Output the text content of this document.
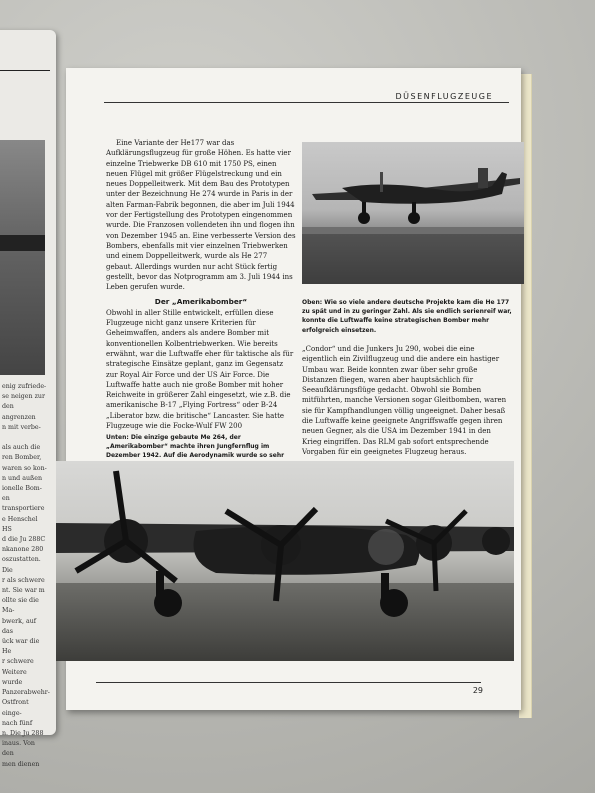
enig zufriede-
se neigen zur
den angrenzen
n mit verbe-

als auch die
ren Bomber,
waren so kon-
n und außen
ionelle Bom-
en transportiere
e Henschel HS
d die Ju 288C
nkanone 280
oszustatten. Die
r als schwere
nt. Sie war m
ollte sie die Ma-
bwerk, auf das
ück war die He
r schwere
Weitere wurde
Panzerabwehr-
Ostfront einge-
nach fünf
n. Die Ju 288
inaus. Von den
men dienen
DÜSENFLUGZEUGE

Eine Variante der He177 war das Aufklärungsflugzeug für große Höhen. Es hatte vier einzelne Triebwerke DB 610 mit 1750 PS, einen neuen Flügel mit größer Flügelstreckung und ein neues Doppelleitwerk. Mit dem Bau des Prototypen unter der Bezeichnung He 274 wurde in Paris in der alten Farman-Fabrik begonnen, die aber im Juli 1944 vor der Fertigstellung des Prototypen eingenommen wurde. Die Franzosen vollendeten ihn und flogen ihn von Dezember 1945 an. Eine verbesserte Version des Bombers, ebenfalls mit vier einzelnen Triebwerken und einem Doppelleitwerk, wurde als He 277 gebaut. Allerdings wurden nur acht Stück fertig gestellt, bevor das Notprogramm am 3. Juli 1944 ins Leben gerufen wurde.

Der „Amerikabomber“

Obwohl in aller Stille entwickelt, erfüllen diese Flugzeuge nicht ganz unsere Kriterien für Geheimwaffen, anders als andere Bomber mit konventionellen Kolbentriebwerken. Wie bereits erwähnt, war die Luftwaffe eher für taktische als für strategische Einsätze geplant, ganz im Gegensatz zur Royal Air Force und der US Air Force. Die Luftwaffe hatte auch nie große Bomber mit hoher Reichweite in größerer Zahl eingesetzt, wie z.B. die amerikanische B-17 „Flying Fortress“ oder B-24 „Liberator bzw. die britische“ Lancaster. Sie hatte Flugzeuge wie die Focke-Wulf FW 200

Unten: Die einzige gebaute Me 264, der „Amerikabomber“ machte ihren Jungfernflug im Dezember 1942. Auf die Aerodynamik wurde so sehr
Oben: Wie so viele andere deutsche Projekte kam die He 177 zu spät und in zu geringer Zahl. Als sie endlich serienreif war, konnte die Luftwaffe keine strategischen Bomber mehr erfolgreich einsetzen.
„Condor“ und die Junkers Ju 290, wobei die eine eigentlich ein Zivilflugzeug und die andere ein hastiger Umbau war. Beide konnten zwar über sehr große Distanzen fliegen, waren aber hauptsächlich für Seeaufklärungsflüge gedacht. Obwohl sie Bomben mitführten, manche Versionen sogar Gleitbomben, waren sie für Kampfhandlungen völlig ungeeignet. Daher besaß die Luftwaffe keine geeignete Angriffswaffe gegen ihren neuen Gegner, als die USA im Dezember 1941 in den Krieg eingriffen. Das RLM gab sofort entsprechende Vorgaben für ein geeignetes Flugzeug heraus.
29
